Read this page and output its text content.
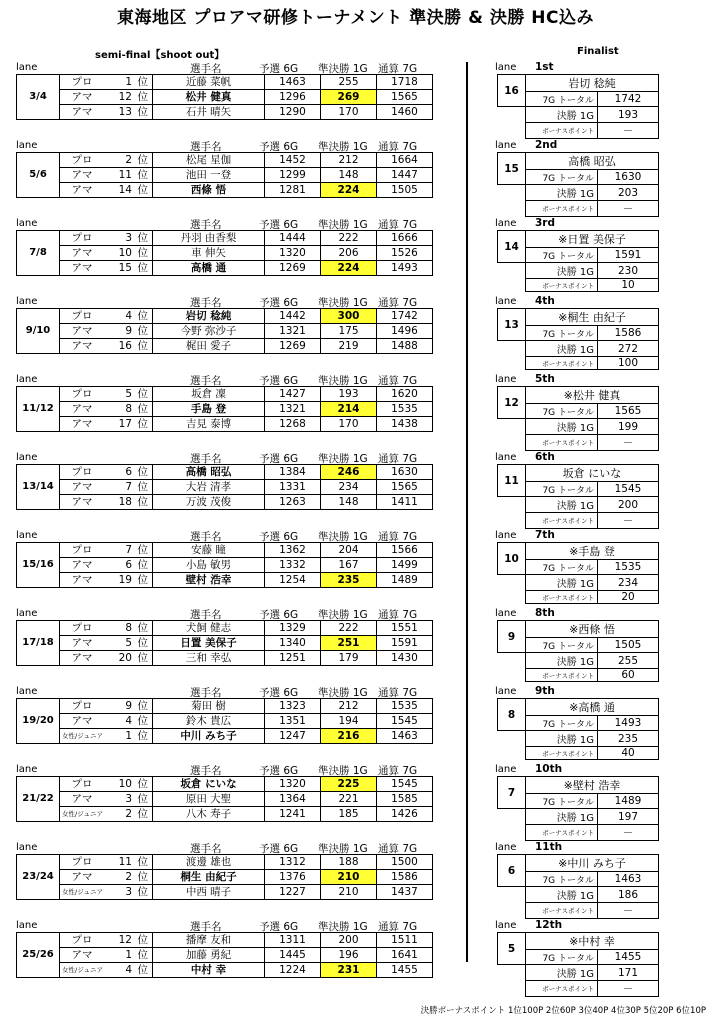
東海地区 プロアマ研修トーナメント 準決勝 & 決勝 HC込み
semi-final【shoot out】	Finalist
lane	選手名	予選 6G 準決勝 1G 通算 7G
3/4	プロ	1 位	近藤 菜帆	1463	255	1718
	アマ	12 位	松井 健真	1296	269	1565
	アマ	13 位	石井 晴矢	1290	170	1460
lane	選手名	予選 6G 準決勝 1G 通算 7G
5/6	プロ	2 位	松尾 星伽	1452	212	1664
	アマ	11 位	池田 一登	1299	148	1447
	アマ	14 位	西條 悟	1281	224	1505
lane	選手名	予選 6G 準決勝 1G 通算 7G
7/8	プロ	3 位	丹羽 由香梨	1444	222	1666
	アマ	10 位	車 伸矢	1320	206	1526
	アマ	15 位	高橋 通	1269	224	1493
lane	選手名	予選 6G 準決勝 1G 通算 7G
9/10	プロ	4 位	岩切 稔純	1442	300	1742
	アマ	9 位	今野 弥沙子	1321	175	1496
	アマ	16 位	梶田 愛子	1269	219	1488
lane	選手名	予選 6G 準決勝 1G 通算 7G
11/12	プロ	5 位	坂倉 凜	1427	193	1620
	アマ	8 位	手島 登	1321	214	1535
	アマ	17 位	吉見 泰博	1268	170	1438
lane	選手名	予選 6G 準決勝 1G 通算 7G
13/14	プロ	6 位	高橋 昭弘	1384	246	1630
	アマ	7 位	大岩 清孝	1331	234	1565
	アマ	18 位	万波 茂俊	1263	148	1411
lane	選手名	予選 6G 準決勝 1G 通算 7G
15/16	プロ	7 位	安藤 瞳	1362	204	1566
	アマ	6 位	小島 敏男	1332	167	1499
	アマ	19 位	壁村 浩幸	1254	235	1489
lane	選手名	予選 6G 準決勝 1G 通算 7G
17/18	プロ	8 位	犬飼 健志	1329	222	1551
	アマ	5 位	日置 美保子	1340	251	1591
	アマ	20 位	三和 幸弘	1251	179	1430
lane	選手名	予選 6G 準決勝 1G 通算 7G
19/20	プロ	9 位	菊田 樹	1323	212	1535
	アマ	4 位	鈴木 貴広	1351	194	1545
	女性/ジュニア	1 位	中川 みち子	1247	216	1463
lane	選手名	予選 6G 準決勝 1G 通算 7G
21/22	プロ	10 位	坂倉 にいな	1320	225	1545
	アマ	3 位	原田 大聖	1364	221	1585
	女性/ジュニア	2 位	八木 寿子	1241	185	1426
lane	選手名	予選 6G 準決勝 1G 通算 7G
23/24	プロ	11 位	渡邊 雄也	1312	188	1500
	アマ	2 位	桐生 由紀子	1376	210	1586
	女性/ジュニア	3 位	中西 晴子	1227	210	1437
lane	選手名	予選 6G 準決勝 1G 通算 7G
25/26	プロ	12 位	播摩 友和	1311	200	1511
	アマ	1 位	加藤 勇紀	1445	196	1641
	女性/ジュニア	4 位	中村 幸	1224	231	1455
lane 1st
16	岩切 稔純	
	7G トータル	1742
	決勝 1G	193
	ボーナスポイント	－
lane 2nd
15	高橋 昭弘	
	7G トータル	1630
	決勝 1G	203
	ボーナスポイント	－
lane 3rd
14	※日置 美保子	
	7G トータル	1591
	決勝 1G	230
	ボーナスポイント	10
lane 4th
13	※桐生 由紀子	
	7G トータル	1586
	決勝 1G	272
	ボーナスポイント	100
lane 5th
12	※松井 健真	
	7G トータル	1565
	決勝 1G	199
	ボーナスポイント	－
lane 6th
11	坂倉 にいな	
	7G トータル	1545
	決勝 1G	200
	ボーナスポイント	－
lane 7th
10	※手島 登	
	7G トータル	1535
	決勝 1G	234
	ボーナスポイント	20
lane 8th
9	※西條 悟	
	7G トータル	1505
	決勝 1G	255
	ボーナスポイント	60
lane 9th
8	※高橋 通	
	7G トータル	1493
	決勝 1G	235
	ボーナスポイント	40
lane 10th
7	※壁村 浩幸	
	7G トータル	1489
	決勝 1G	197
	ボーナスポイント	－
lane 11th
6	※中川 みち子	
	7G トータル	1463
	決勝 1G	186
	ボーナスポイント	－
lane 12th
5	※中村 幸	
	7G トータル	1455
	決勝 1G	171
	ボーナスポイント	－
決勝ボーナスポイント 1位100P 2位60P 3位40P 4位30P 5位20P 6位10P
